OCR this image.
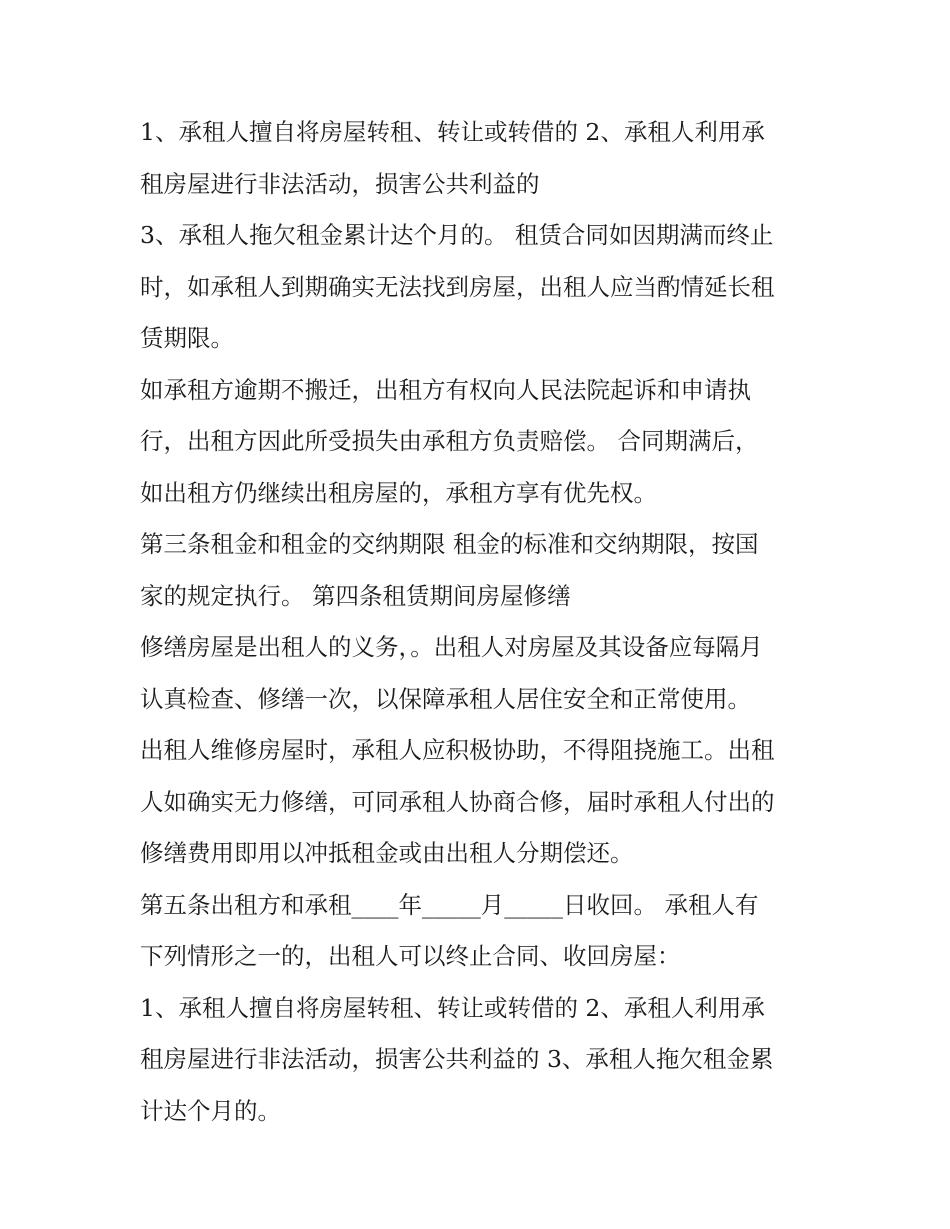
1、承租人擅自将房屋转租、转让或转借的 2、承租人利用承
租房屋进行非法活动，损害公共利益的
3、承租人拖欠租金累计达个月的。 租赁合同如因期满而终止
时，如承租人到期确实无法找到房屋，出租人应当酌情延长租
赁期限。
如承租方逾期不搬迁，出租方有权向人民法院起诉和申请执
行，出租方因此所受损失由承租方负责赔偿。 合同期满后，
如出租方仍继续出租房屋的，承租方享有优先权。
第三条租金和租金的交纳期限 租金的标准和交纳期限，按国
家的规定执行。 第四条租赁期间房屋修缮
修缮房屋是出租人的义务，。出租人对房屋及其设备应每隔月
认真检查、修缮一次，以保障承租人居住安全和正常使用。
出租人维修房屋时，承租人应积极协助，不得阻挠施工。出租
人如确实无力修缮，可同承租人协商合修，届时承租人付出的
修缮费用即用以冲抵租金或由出租人分期偿还。
第五条出租方和承租____年_____月_____日收回。 承租人有
下列情形之一的，出租人可以终止合同、收回房屋：
1、承租人擅自将房屋转租、转让或转借的 2、承租人利用承
租房屋进行非法活动，损害公共利益的 3、承租人拖欠租金累
计达个月的。
